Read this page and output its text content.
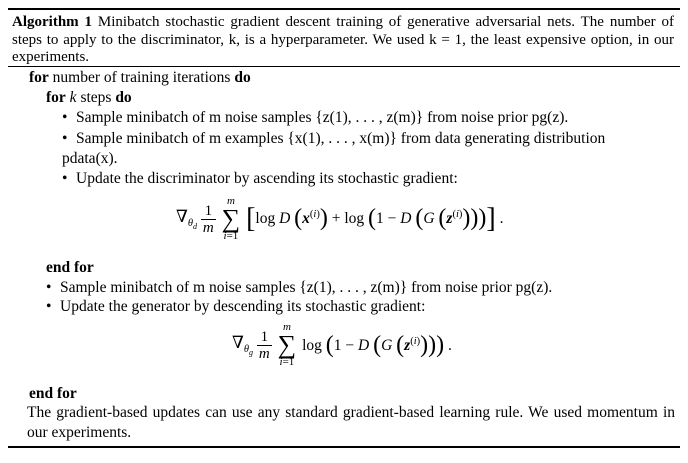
Algorithm 1 Minibatch stochastic gradient descent training of generative adversarial nets. The number of steps to apply to the discriminator, k, is a hyperparameter. We used k = 1, the least expensive option, in our experiments.
for number of training iterations do
for k steps do
• Sample minibatch of m noise samples {z(1), . . . , z(m)} from noise prior pg(z).
• Sample minibatch of m examples {x(1), . . . , x(m)} from data generating distribution
pdata(x).
• Update the discriminator by ascending its stochastic gradient:
$\nabla_{\theta_d} \frac{1}{m}$

m
∑
i=1
[log D $(x^{(i)}) + \log (1 - D$ (G $(z^{(i)})$))] .
end for
• Sample minibatch of m noise samples {z(1), . . . , z(m)} from noise prior pg(z).
• Update the generator by descending its stochastic gradient:
$\nabla_{\theta_g} \frac{1}{m}$

m
∑
i=1
log (1 − D (G $(z^{(i)})$)) .
end for
The gradient-based updates can use any standard gradient-based learning rule. We used momentum in our experiments.
